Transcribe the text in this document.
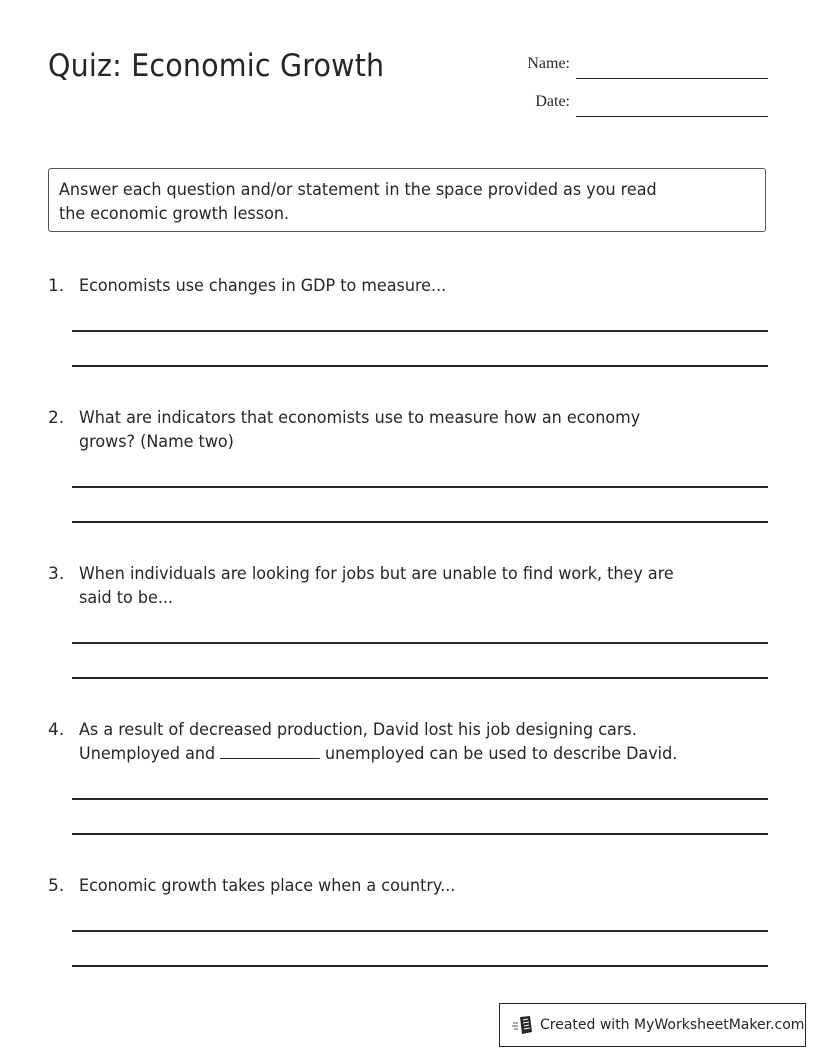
Quiz: Economic Growth	Name:
Date:
Answer each question and/or statement in the space provided as you read
the economic growth lesson.
1. Economists use changes in GDP to measure...
2. What are indicators that economists use to measure how an economy
grows? (Name two)
3. When individuals are looking for jobs but are unable to find work, they are
said to be...
4. As a result of decreased production, David lost his job designing cars.
Unemployed and	unemployed can be used to describe David.
5. Economic growth takes place when a country...
Created with MyWorksheetMaker.com
